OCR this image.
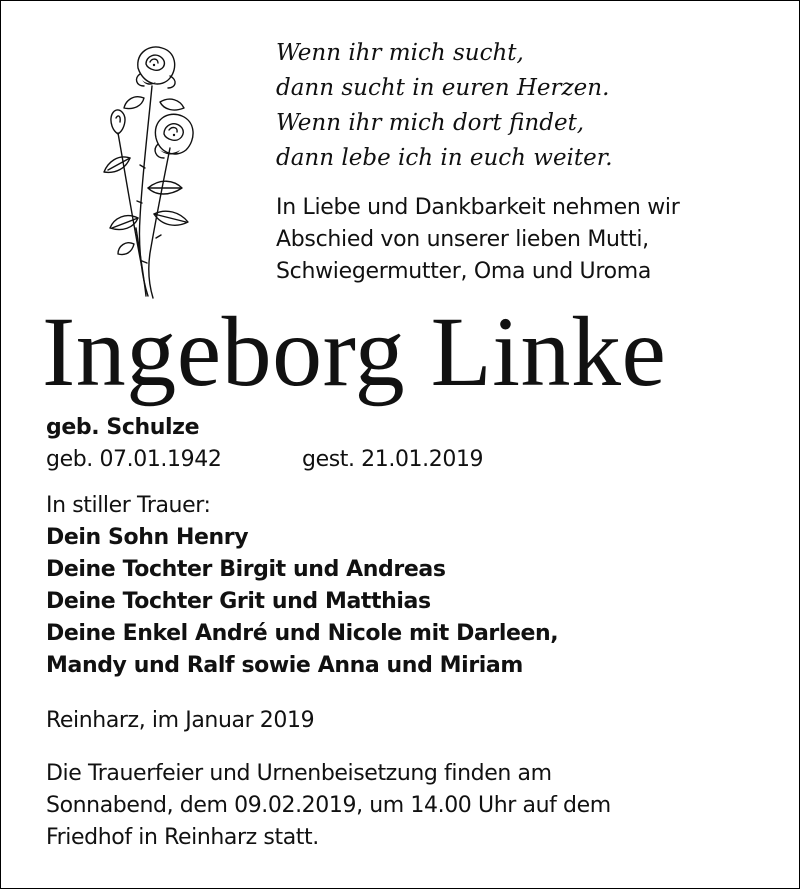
Wenn ihr mich sucht,
dann sucht in euren Herzen.
Wenn ihr mich dort findet,
dann lebe ich in euch weiter.
In Liebe und Dankbarkeit nehmen wir
Abschied von unserer lieben Mutti,
Schwiegermutter, Oma und Uroma
Ingeborg Linke
geb. Schulze
geb. 07.01.1942	gest. 21.01.2019
In stiller Trauer:
Dein Sohn Henry
Deine Tochter Birgit und Andreas
Deine Tochter Grit und Matthias
Deine Enkel André und Nicole mit Darleen,
Mandy und Ralf sowie Anna und Miriam
Reinharz, im Januar 2019
Die Trauerfeier und Urnenbeisetzung finden am
Sonnabend, dem 09.02.2019, um 14.00 Uhr auf dem
Friedhof in Reinharz statt.
